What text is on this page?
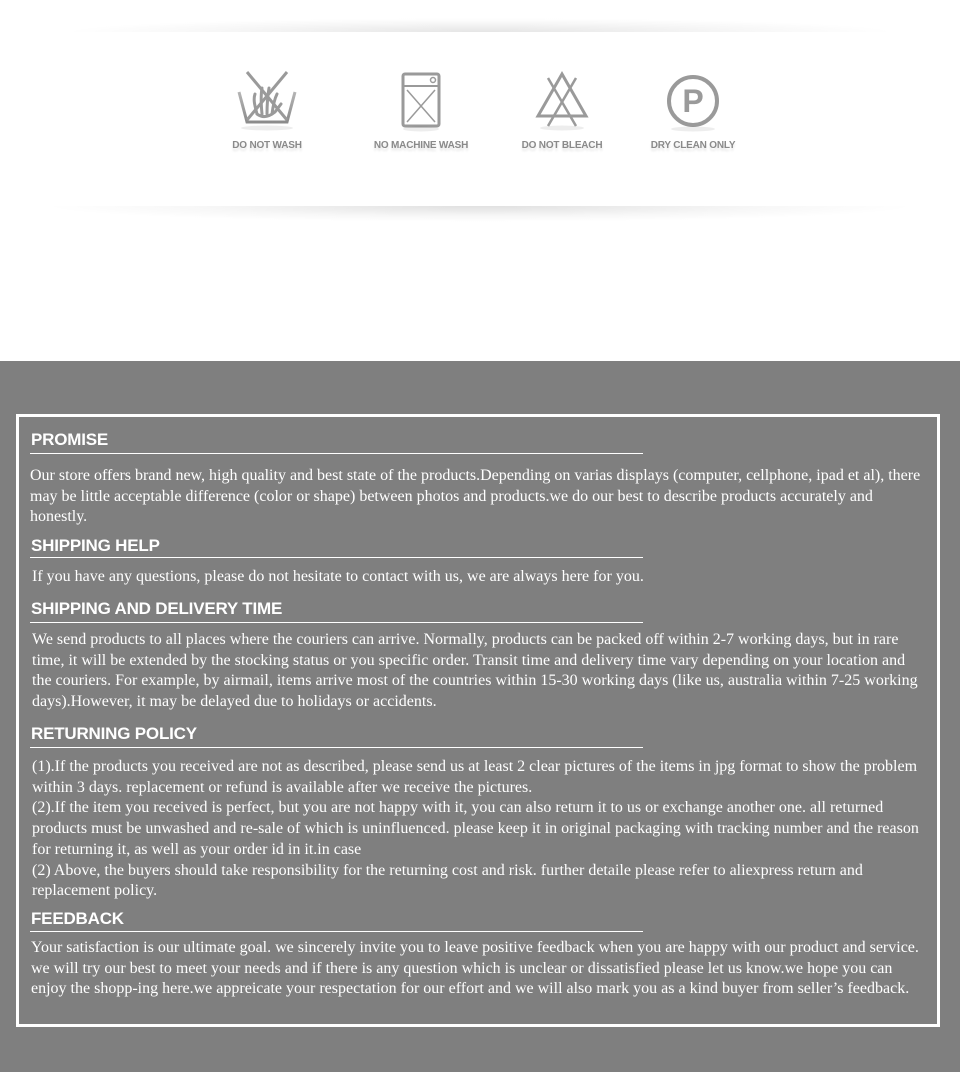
DO NOT WASH	NO MACHINE WASH	DO NOT BLEACH
P
DRY CLEAN ONLY
PROMISE
Our store offers brand new, high quality and best state of the products.Depending on varias displays (computer, cellphone, ipad et al), there may be little acceptable difference (color or shape) between photos and products.we do our best to describe products accurately and honestly.
SHIPPING HELP
If you have any questions, please do not hesitate to contact with us, we are always here for you.
SHIPPING AND DELIVERY TIME
We send products to all places where the couriers can arrive. Normally, products can be packed off within 2-7 working days, but in rare time, it will be extended by the stocking status or you specific order. Transit time and delivery time vary depending on your location and the couriers. For example, by airmail, items arrive most of the countries within 15-30 working days (like us, australia within 7-25 working days).However, it may be delayed due to holidays or accidents.
RETURNING POLICY

(1).If the products you received are not as described, please send us at least 2 clear pictures of the items in jpg format to show the problem within 3 days. replacement or refund is available after we receive the pictures.

(2).If the item you received is perfect, but you are not happy with it, you can also return it to us or exchange another one. all returned products must be unwashed and re-sale of which is uninfluenced. please keep it in original packaging with tracking number and the reason for returning it, as well as your order id in it.in case

(2) Above, the buyers should take responsibility for the returning cost and risk. further detaile please refer to aliexpress return and replacement policy.

FEEDBACK
Your satisfaction is our ultimate goal. we sincerely invite you to leave positive feedback when you are happy with our product and service. we will try our best to meet your needs and if there is any question which is unclear or dissatisfied please let us know.we hope you can enjoy the shopp-ing here.we appreicate your respectation for our effort and we will also mark you as a kind buyer from seller’s feedback.
